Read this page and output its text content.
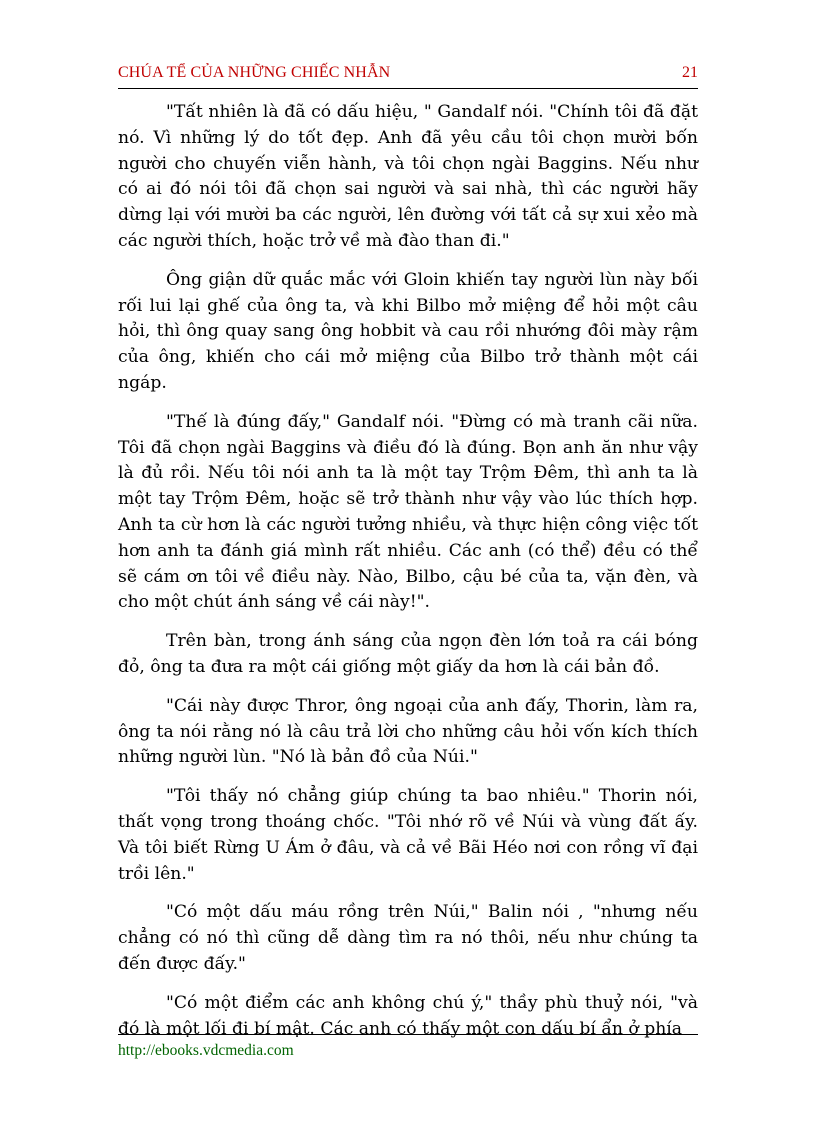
CHÚA TỂ CỦA NHỮNG CHIẾC NHẪN	21

"Tất nhiên là đã có dấu hiệu, " Gandalf nói. "Chính tôi đã đặt nó. Vì những lý do tốt đẹp. Anh đã yêu cầu tôi chọn mười bốn người cho chuyến viễn hành, và tôi chọn ngài Baggins. Nếu như có ai đó nói tôi đã chọn sai người và sai nhà, thì các người hãy dừng lại với mười ba các người, lên đường với tất cả sự xui xẻo mà các người thích, hoặc trở về mà đào than đi."

Ông giận dữ quắc mắc với Gloin khiến tay người lùn này bối rối lui lại ghế của ông ta, và khi Bilbo mở miệng để hỏi một câu hỏi, thì ông quay sang ông hobbit và cau rồi nhướng đôi mày rậm của ông, khiến cho cái mở miệng của Bilbo trở thành một cái ngáp.

"Thế là đúng đấy," Gandalf nói. "Đừng có mà tranh cãi nữa. Tôi đã chọn ngài Baggins và điều đó là đúng. Bọn anh ăn như vậy là đủ rồi. Nếu tôi nói anh ta là một tay Trộm Đêm, thì anh ta là một tay Trộm Đêm, hoặc sẽ trở thành như vậy vào lúc thích hợp. Anh ta cừ hơn là các người tưởng nhiều, và thực hiện công việc tốt hơn anh ta đánh giá mình rất nhiều. Các anh (có thể) đều có thể sẽ cám ơn tôi về điều này. Nào, Bilbo, cậu bé của ta, vặn đèn, và cho một chút ánh sáng về cái này!".

Trên bàn, trong ánh sáng của ngọn đèn lớn toả ra cái bóng đỏ, ông ta đưa ra một cái giống một giấy da hơn là cái bản đồ.

"Cái này được Thror, ông ngoại của anh đấy, Thorin, làm ra, ông ta nói rằng nó là câu trả lời cho những câu hỏi vốn kích thích những người lùn. "Nó là bản đồ của Núi."

"Tôi thấy nó chẳng giúp chúng ta bao nhiêu." Thorin nói, thất vọng trong thoáng chốc. "Tôi nhớ rõ về Núi và vùng đất ấy. Và tôi biết Rừng U Ám ở đâu, và cả về Bãi Héo nơi con rồng vĩ đại trồi lên."

"Có một dấu máu rồng trên Núi," Balin nói , "nhưng nếu chẳng có nó thì cũng dễ dàng tìm ra nó thôi, nếu như chúng ta đến được đấy."

"Có một điểm các anh không chú ý," thầy phù thuỷ nói, "và đó là một lối đi bí mật. Các anh có thấy một con dấu bí ẩn ở phía

http://ebooks.vdcmedia.com
